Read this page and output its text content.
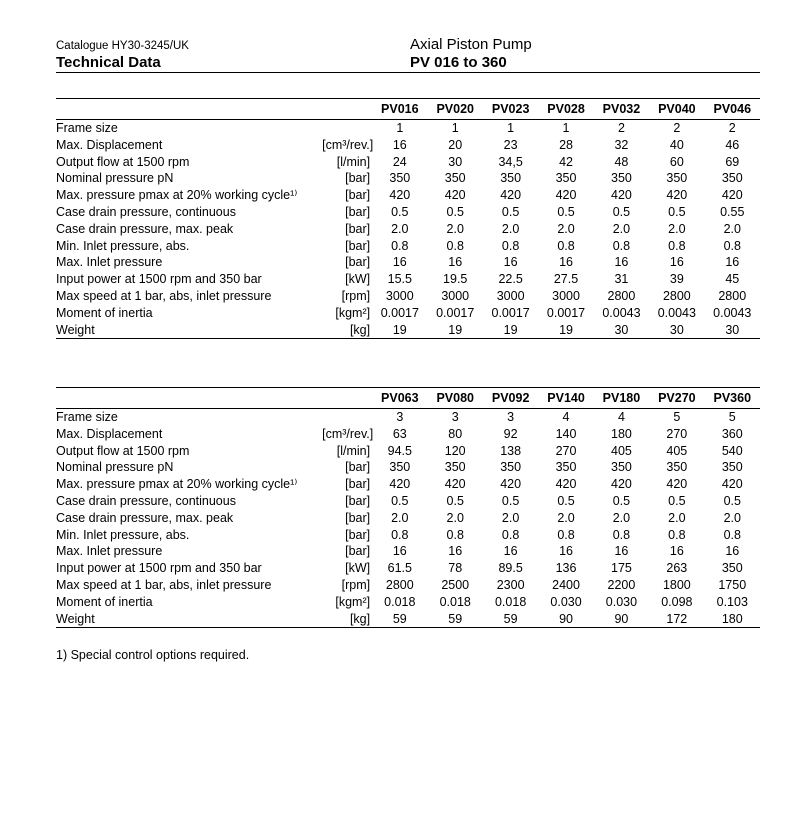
Catalogue HY30-3245/UK
Technical Data
Axial Piston Pump
PV 016 to 360
		PV016	PV020	PV023	PV028	PV032	PV040	PV046
Frame size		1	1	1	1	2	2	2
Max. Displacement	[cm³/rev.]	16	20	23	28	32	40	46
Output flow at 1500 rpm	[l/min]	24	30	34,5	42	48	60	69
Nominal pressure pN	[bar]	350	350	350	350	350	350	350
Max. pressure pmax at 20% working cycle¹⁾	[bar]	420	420	420	420	420	420	420
Case drain pressure, continuous	[bar]	0.5	0.5	0.5	0.5	0.5	0.5	0.55
Case drain pressure, max. peak	[bar]	2.0	2.0	2.0	2.0	2.0	2.0	2.0
Min. Inlet pressure, abs.	[bar]	0.8	0.8	0.8	0.8	0.8	0.8	0.8
Max. Inlet pressure	[bar]	16	16	16	16	16	16	16
Input power at 1500 rpm and 350 bar	[kW]	15.5	19.5	22.5	27.5	31	39	45
Max speed at 1 bar, abs, inlet pressure	[rpm]	3000	3000	3000	3000	2800	2800	2800
Moment of inertia	[kgm²]	0.0017	0.0017	0.0017	0.0017	0.0043	0.0043	0.0043
Weight	[kg]	19	19	19	19	30	30	30
		PV063	PV080	PV092	PV140	PV180	PV270	PV360
Frame size		3	3	3	4	4	5	5
Max. Displacement	[cm³/rev.]	63	80	92	140	180	270	360
Output flow at 1500 rpm	[l/min]	94.5	120	138	270	405	405	540
Nominal pressure pN	[bar]	350	350	350	350	350	350	350
Max. pressure pmax at 20% working cycle¹⁾	[bar]	420	420	420	420	420	420	420
Case drain pressure, continuous	[bar]	0.5	0.5	0.5	0.5	0.5	0.5	0.5
Case drain pressure, max. peak	[bar]	2.0	2.0	2.0	2.0	2.0	2.0	2.0
Min. Inlet pressure, abs.	[bar]	0.8	0.8	0.8	0.8	0.8	0.8	0.8
Max. Inlet pressure	[bar]	16	16	16	16	16	16	16
Input power at 1500 rpm and 350 bar	[kW]	61.5	78	89.5	136	175	263	350
Max speed at 1 bar, abs, inlet pressure	[rpm]	2800	2500	2300	2400	2200	1800	1750
Moment of inertia	[kgm²]	0.018	0.018	0.018	0.030	0.030	0.098	0.103
Weight	[kg]	59	59	59	90	90	172	180
1) Special control options required.
